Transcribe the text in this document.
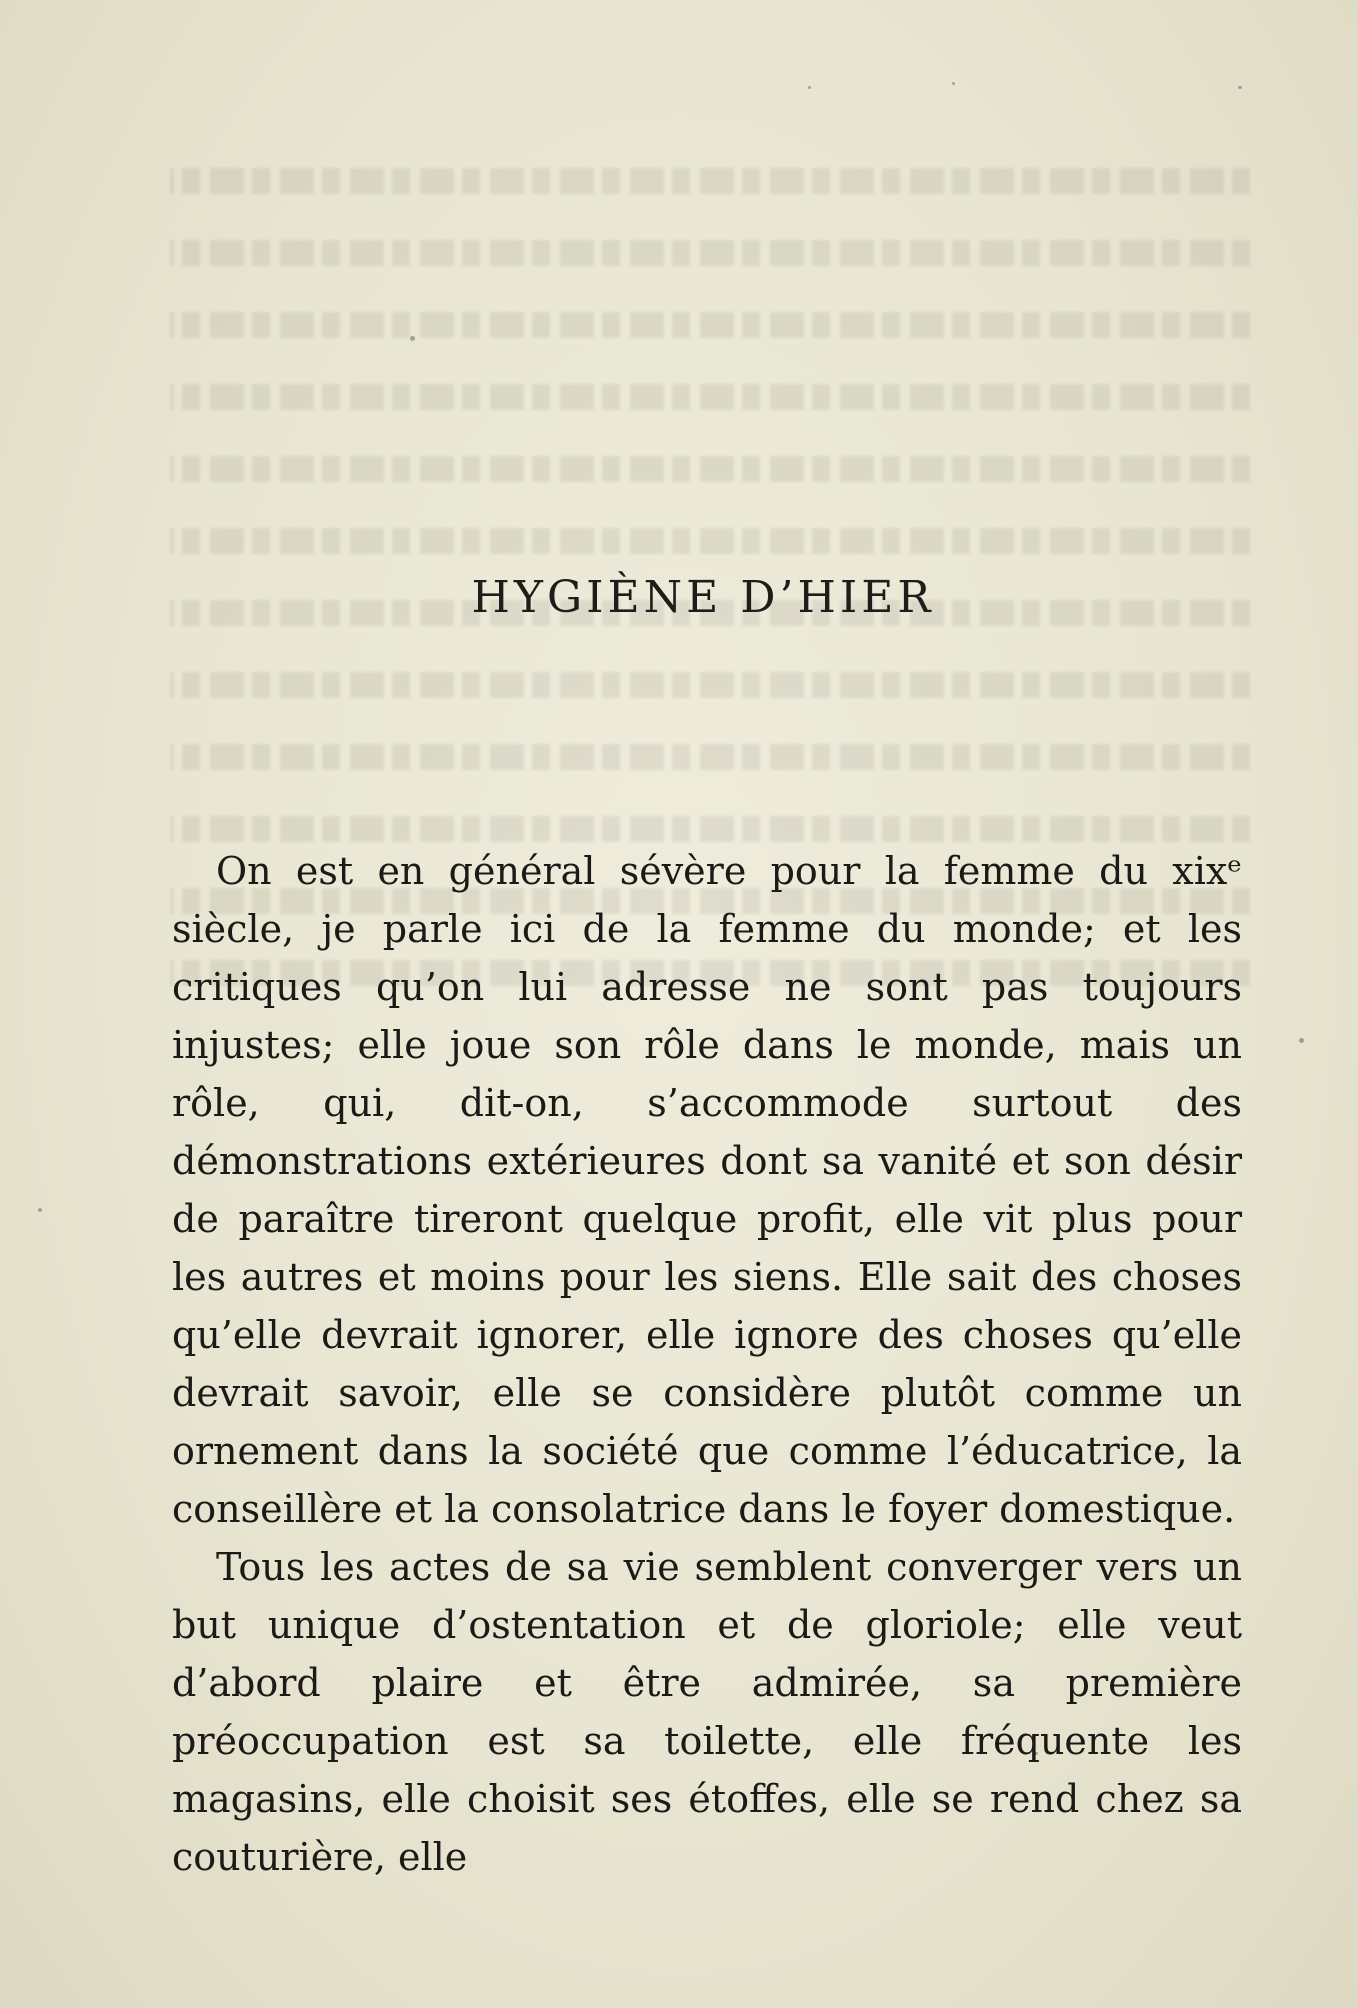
HYGIÈNE D’HIER

On est en général sévère pour la femme du xixᵉ siècle, je parle ici de la femme du monde; et les critiques qu’on lui adresse ne sont pas toujours injustes; elle joue son rôle dans le monde, mais un rôle, qui, dit-on, s’accommode surtout des démonstrations extérieures dont sa vanité et son désir de paraître tireront quelque profit, elle vit plus pour les autres et moins pour les siens. Elle sait des choses qu’elle devrait ignorer, elle ignore des choses qu’elle devrait savoir, elle se considère plutôt comme un ornement dans la société que comme l’éducatrice, la conseillère et la consolatrice dans le foyer domestique.

Tous les actes de sa vie semblent converger vers un but unique d’ostentation et de gloriole; elle veut d’abord plaire et être admirée, sa première préoccupation est sa toilette, elle fréquente les magasins, elle choisit ses étoffes, elle se rend chez sa couturière, elle
